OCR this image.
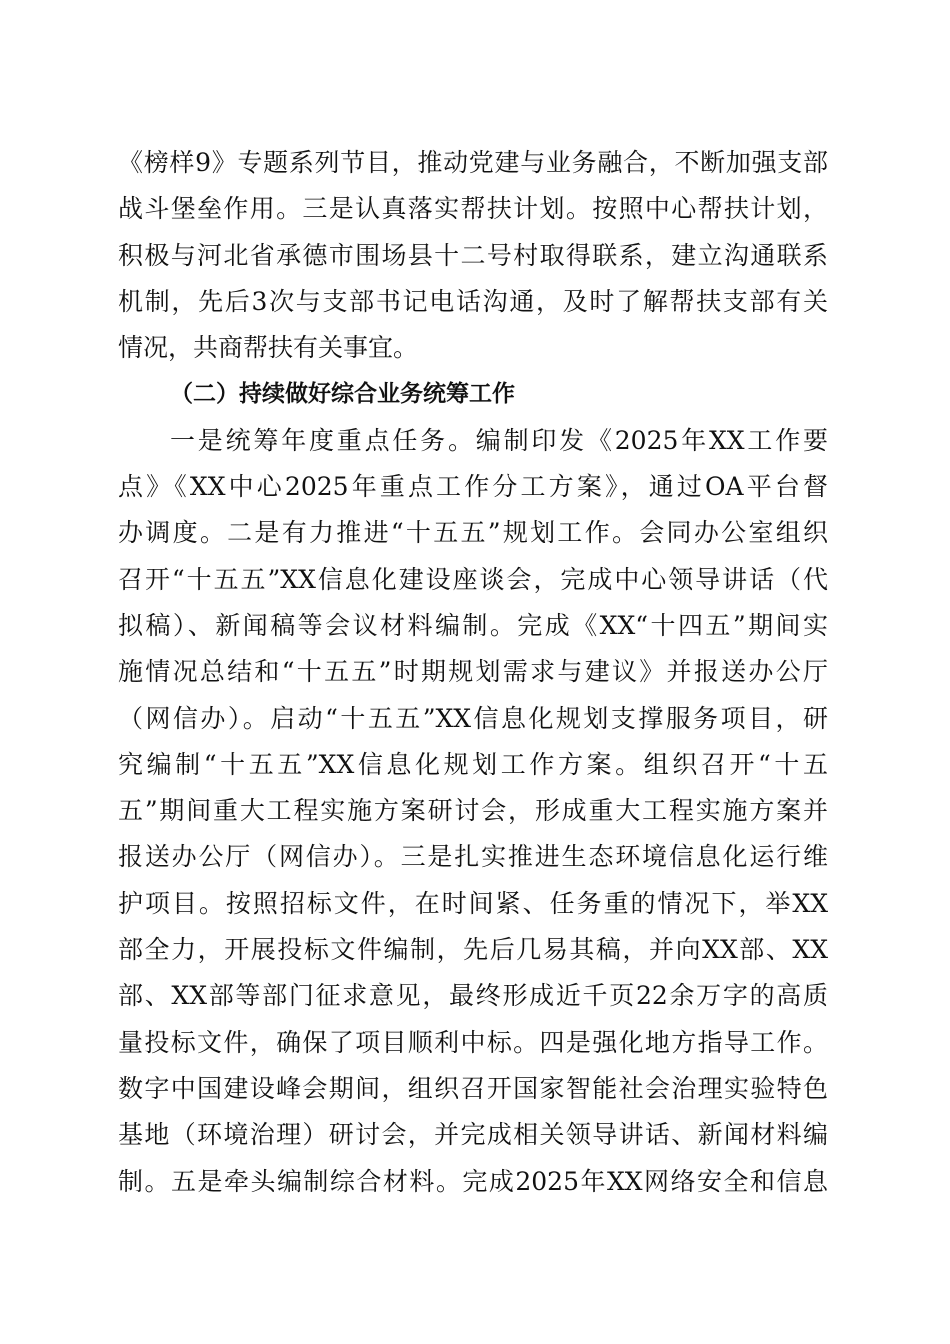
《榜样9》专题系列节目，推动党建与业务融合，不断加强支部
战斗堡垒作用。三是认真落实帮扶计划。按照中心帮扶计划，
积极与河北省承德市围场县十二号村取得联系，建立沟通联系
机制，先后3次与支部书记电话沟通，及时了解帮扶支部有关
情况，共商帮扶有关事宜。
（二）持续做好综合业务统筹工作
一是统筹年度重点任务。编制印发《2025年XX工作要
点》《XX中心2025年重点工作分工方案》，通过OA平台督
办调度。二是有力推进“十五五”规划工作。会同办公室组织
召开“十五五”XX信息化建设座谈会，完成中心领导讲话（代
拟稿）、新闻稿等会议材料编制。完成《XX“十四五”期间实
施情况总结和“十五五”时期规划需求与建议》并报送办公厅
（网信办）。启动“十五五”XX信息化规划支撑服务项目，研
究编制“十五五”XX信息化规划工作方案。组织召开“十五
五”期间重大工程实施方案研讨会，形成重大工程实施方案并
报送办公厅（网信办）。三是扎实推进生态环境信息化运行维
护项目。按照招标文件，在时间紧、任务重的情况下，举XX
部全力，开展投标文件编制，先后几易其稿，并向XX部、XX
部、XX部等部门征求意见，最终形成近千页22余万字的高质
量投标文件，确保了项目顺利中标。四是强化地方指导工作。
数字中国建设峰会期间，组织召开国家智能社会治理实验特色
基地（环境治理）研讨会，并完成相关领导讲话、新闻材料编
制。五是牵头编制综合材料。完成2025年XX网络安全和信息
